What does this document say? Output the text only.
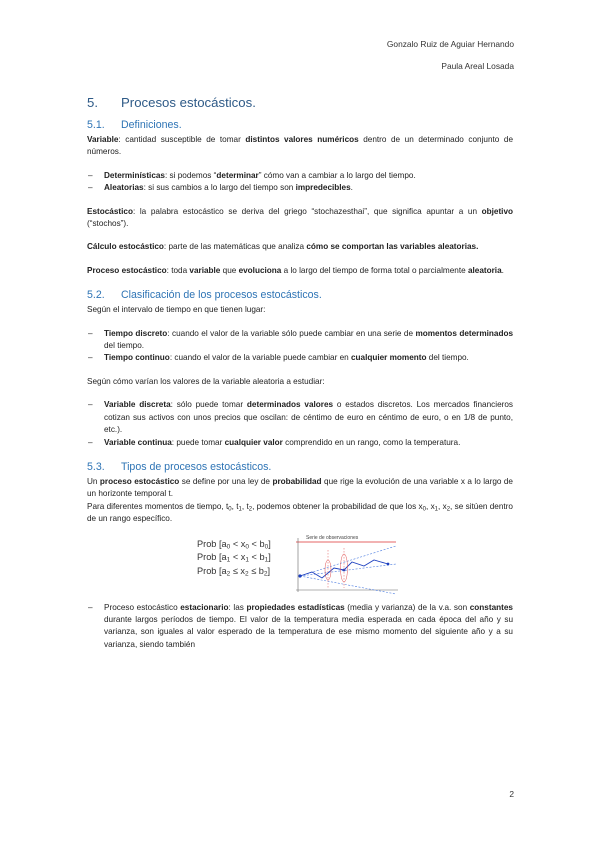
Gonzalo Ruiz de Aguiar Hernando
Paula Areal Losada
5. Procesos estocásticos.
5.1. Definiciones.

Variable: cantidad susceptible de tomar distintos valores numéricos dentro de un determinado conjunto de números.

– Determinísticas: si podemos “determinar” cómo van a cambiar a lo largo del tiempo.
– Aleatorias: si sus cambios a lo largo del tiempo son impredecibles.

Estocástico: la palabra estocástico se deriva del griego “stochazesthai”, que significa apuntar a un objetivo (“stochos”).

Cálculo estocástico: parte de las matemáticas que analiza cómo se comportan las variables aleatorias.

Proceso estocástico: toda variable que evoluciona a lo largo del tiempo de forma total o parcialmente aleatoria.

5.2. Clasificación de los procesos estocásticos.

Según el intervalo de tiempo en que tienen lugar:

– Tiempo discreto: cuando el valor de la variable sólo puede cambiar en una serie de momentos determinados del tiempo.
– Tiempo continuo: cuando el valor de la variable puede cambiar en cualquier momento del tiempo.

Según cómo varían los valores de la variable aleatoria a estudiar:

– Variable discreta: sólo puede tomar determinados valores o estados discretos. Los mercados financieros cotizan sus activos con unos precios que oscilan: de céntimo de euro en céntimo de euro, o en 1/8 de punto, etc.).
– Variable continua: puede tomar cualquier valor comprendido en un rango, como la temperatura.
5.3. Tipos de procesos estocásticos.

Un proceso estocástico se define por una ley de probabilidad que rige la evolución de una variable x a lo largo de un horizonte temporal t.

Para diferentes momentos de tiempo, $t_0$, $t_1$, $t_2$, podemos obtener la probabilidad de que los $x_0$, $x_1$, $x_2$, se sitúen dentro de un rango específico.

Prob $[a_0 < x_0 < b_0]$
Prob $[a_1 < x_1 < b_1]$
Prob $[a_2 \le x_2 \le b_2]$
Serie de observaciones
– Proceso estocástico estacionario: las propiedades estadísticas (media y varianza) de la v.a. son constantes durante largos períodos de tiempo. El valor de la temperatura media esperada en cada época del año y su varianza, son iguales al valor esperado de la temperatura de ese mismo momento del siguiente año y a su varianza, siendo también
2
